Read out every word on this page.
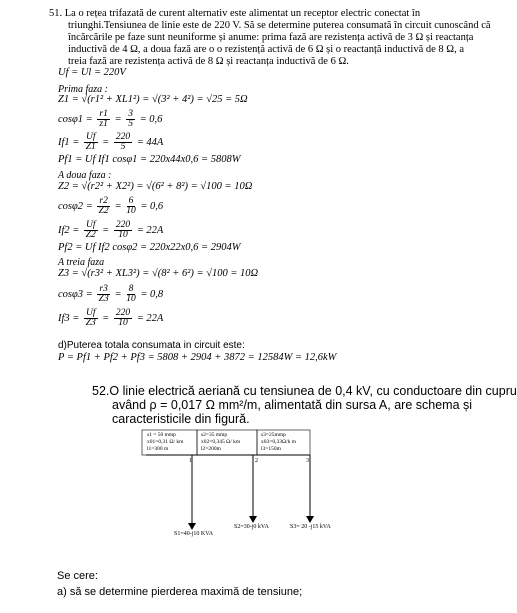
51. La o rețea trifazată de curent alternativ este alimentat un receptor electric conectat în
triunghi.Tensiunea de linie este de 220 V. Să se determine puterea consumată în circuit cunoscând că
încărcările pe faze sunt neuniforme și anume: prima fază are rezistența activă de 3 Ω și reactanța
inductivă de 4 Ω, a doua fază are o o rezistență activă de 6 Ω și o reactanță inductivă de 8 Ω, a
treia fază are rezistența activă de 8 Ω și reactanța inductivă de 6 Ω.
Uf = Ul = 220V
Prima faza :
Z1 = √(r1² + XL1²) = √(3² + 4²) = √25 = 5Ω
$\cos\varphi 1 = \frac{r1}{z1} = \frac{3}{5} = 0,6$
$If1 = \frac{Uf}{Z1} = \frac{220}{5} = 44A$
Pf1 = Uf If1 cosφ1 = 220x44x0,6 = 5808W
A doua faza :
Z2 = √(r2² + X2²) = √(6² + 8²) = √100 = 10Ω
$\cos\varphi 2 = \frac{r2}{Z2} = \frac{6}{10} = 0,6$
$If2 = \frac{Uf}{Z2} = \frac{220}{10} = 22A$
Pf2 = Uf If2 cosφ2 = 220x22x0,6 = 2904W
A treia faza
Z3 = √(r3² + XL3²) = √(8² + 6²) = √100 = 10Ω
$\cos\varphi 3 = \frac{r3}{Z3} = \frac{8}{10} = 0,8$
$If3 = \frac{Uf}{Z3} = \frac{220}{10} = 22A$
d)Puterea totala consumata in circuit este:
P = Pf1 + Pf2 + Pf3 = 5808 + 2904 + 3872 = 12584W = 12,6kW
52.O linie electrică aeriană cu tensiunea de 0,4 kV, cu conductoare din cupru
având ρ = 0,017 Ω mm²/m, alimentată din sursa A, are schema și
caracteristicile din figură.
s1 = 50 mmp
x01=0,31 Ω/ km
l1=300 m
s2=35 mmp
x02=0,345 Ω/ km
l2=200m
s3=25mmp
x03=0,33Ω/k m
l3=150m
1	2	3
S1=40-j10 KVA
S2=30-j0 kVA	S3= 20 -j15 kVA
Se cere:
a) să se determine pierderea maximă de tensiune;
